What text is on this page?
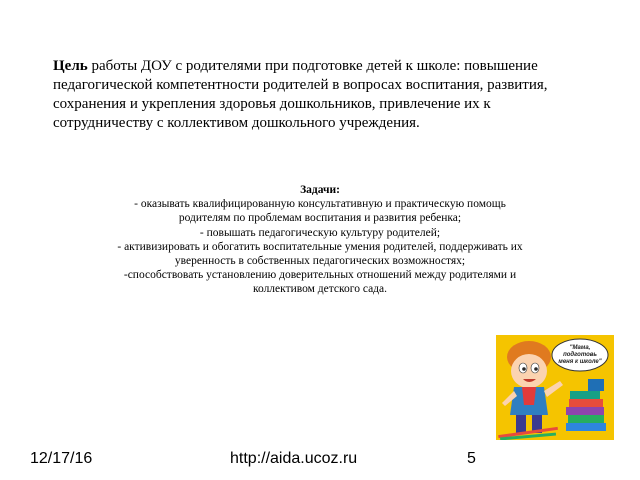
Цель работы ДОУ с родителями при подготовке детей к школе: повышение
педагогической компетентности родителей в вопросах воспитания, развития,
сохранения и укрепления здоровья дошкольников, привлечение их к
сотрудничеству с коллективом дошкольного учреждения.
Задачи:
- оказывать квалифицированную консультативную и практическую помощь
родителям по проблемам воспитания и развития ребенка;
- повышать педагогическую культуру родителей;
- активизировать и обогатить воспитательные умения родителей, поддерживать их
уверенность в собственных педагогических возможностях;
-способствовать установлению доверительных отношений между родителями и
коллективом детского сада.
"Мама,
подготовь
меня к школе"
12/17/16	http://aida.ucoz.ru	5
